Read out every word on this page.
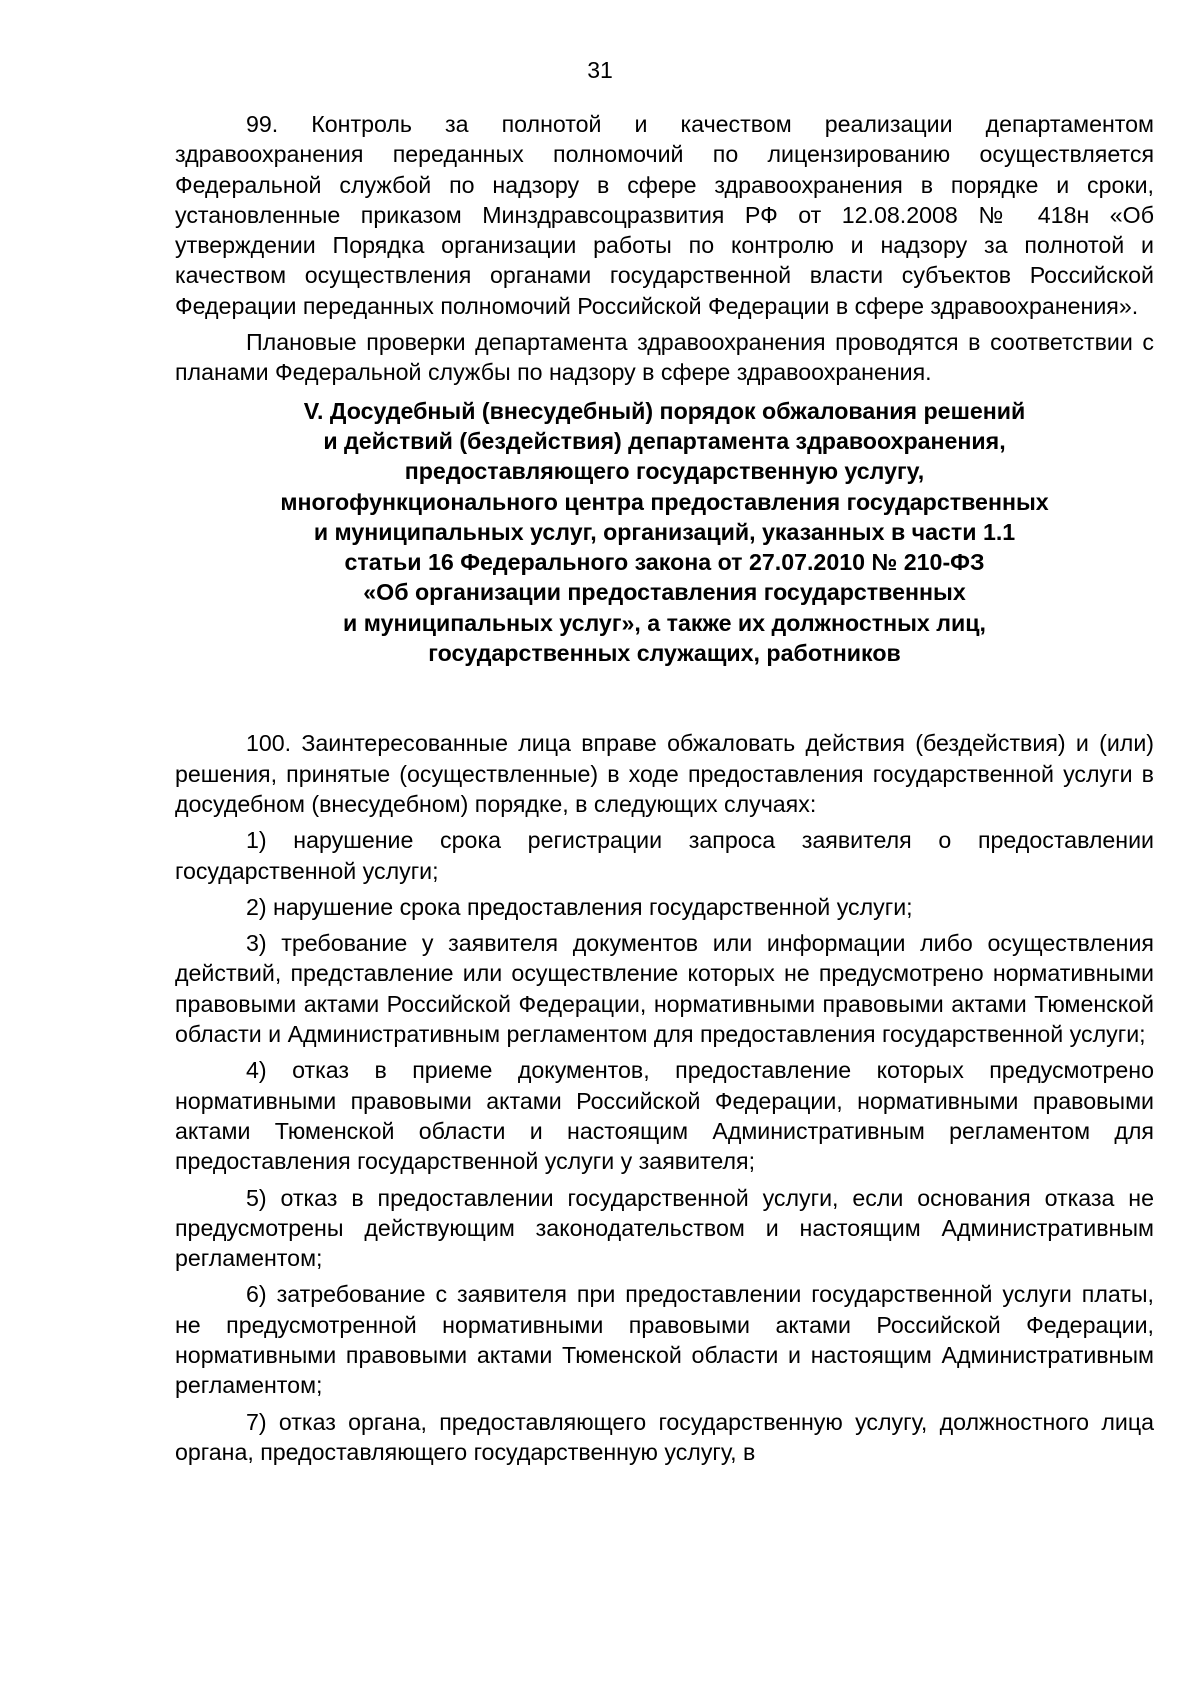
31

99. Контроль за полнотой и качеством реализации департаментом здравоохранения переданных полномочий по лицензированию осуществляется Федеральной службой по надзору в сфере здравоохранения в порядке и сроки, установленные приказом Минздравсоцразвития РФ от 12.08.2008 № 418н «Об утверждении Порядка организации работы по контролю и надзору за полнотой и качеством осуществления органами государственной власти субъектов Российской Федерации переданных полномочий Российской Федерации в сфере здравоохранения».

Плановые проверки департамента здравоохранения проводятся в соответствии с планами Федеральной службы по надзору в сфере здравоохранения.

V. Досудебный (внесудебный) порядок обжалования решений
и действий (бездействия) департамента здравоохранения,
предоставляющего государственную услугу,
многофункционального центра предоставления государственных
и муниципальных услуг, организаций, указанных в части 1.1
статьи 16 Федерального закона от 27.07.2010 № 210-ФЗ
«Об организации предоставления государственных
и муниципальных услуг», а также их должностных лиц,
государственных служащих, работников

100. Заинтересованные лица вправе обжаловать действия (бездействия) и (или) решения, принятые (осуществленные) в ходе предоставления государственной услуги в досудебном (внесудебном) порядке, в следующих случаях:

1) нарушение срока регистрации запроса заявителя о предоставлении государственной услуги;

2) нарушение срока предоставления государственной услуги;

3) требование у заявителя документов или информации либо осуществления действий, представление или осуществление которых не предусмотрено нормативными правовыми актами Российской Федерации, нормативными правовыми актами Тюменской области и Административным регламентом для предоставления государственной услуги;

4) отказ в приеме документов, предоставление которых предусмотрено нормативными правовыми актами Российской Федерации, нормативными правовыми актами Тюменской области и настоящим Административным регламентом для предоставления государственной услуги у заявителя;

5) отказ в предоставлении государственной услуги, если основания отказа не предусмотрены действующим законодательством и настоящим Административным регламентом;

6) затребование с заявителя при предоставлении государственной услуги платы, не предусмотренной нормативными правовыми актами Российской Федерации, нормативными правовыми актами Тюменской области и настоящим Административным регламентом;

7) отказ органа, предоставляющего государственную услугу, должностного лица органа, предоставляющего государственную услугу, в
